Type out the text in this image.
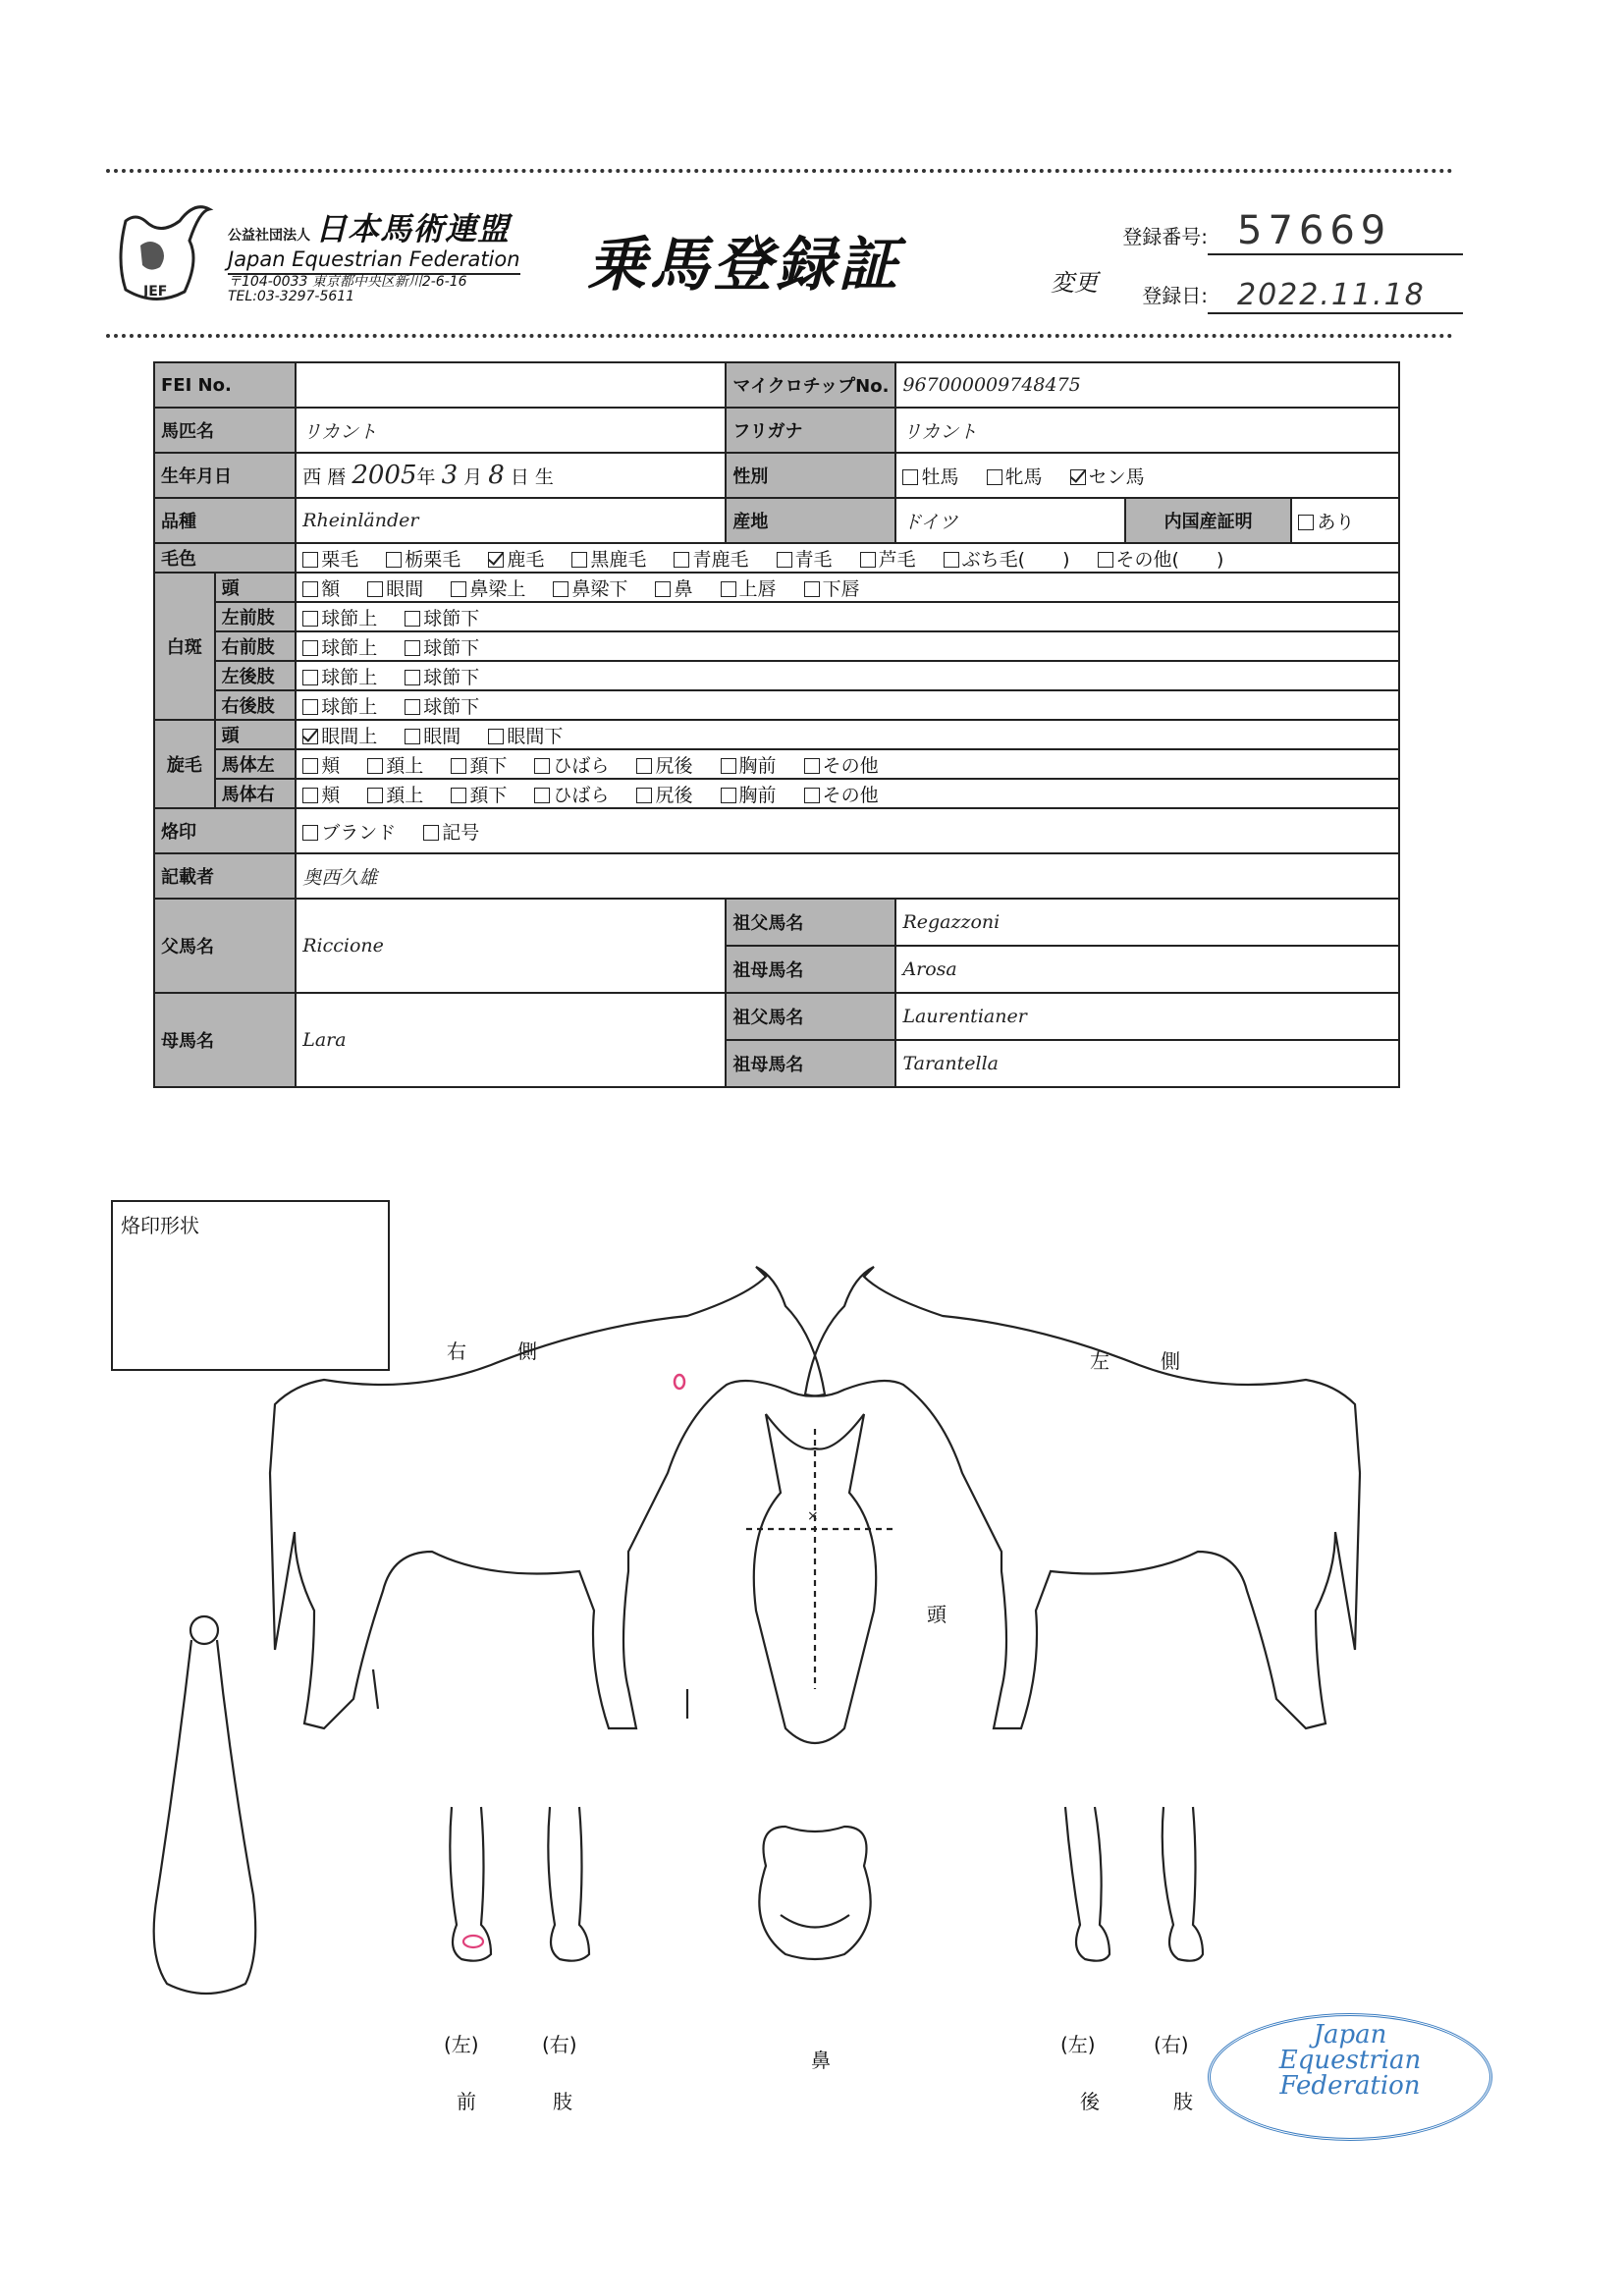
JEF
公益社団法人 日本馬術連盟
Japan Equestrian Federation
〒104-0033 東京都中央区新川2-6-16
TEL:03-3297-5611	乗馬登録証	変更
登録番号: 57669
登録日:	2022.11.18
FEI No.			マイクロチップNo.	967000009748475		
馬匹名		リカント	フリガナ	リカント		
生年月日		西 暦 2005年 3 月 8 日 生	性別	牡馬 牝馬 セン馬		
品種		Rheinländer	産地	ドイツ	内国産証明	あり
毛色		栗毛 栃栗毛 鹿毛 黒鹿毛 青鹿毛 青毛 芦毛 ぶち毛(　　) その他(　　)				
白斑	頭	額 眼間 鼻梁上 鼻梁下 鼻 上唇 下唇				
	左前肢	球節上 球節下				
	右前肢	球節上 球節下				
	左後肢	球節上 球節下				
	右後肢	球節上 球節下				
旋毛	頭	眼間上 眼間 眼間下				
	馬体左	頬 頚上 頚下 ひばら 尻後 胸前 その他				
	馬体右	頬 頚上 頚下 ひばら 尻後 胸前 その他				
烙印		ブランド 記号				
記載者		奥西久雄				
父馬名		Riccione	祖父馬名	Regazzoni		
			祖母馬名	Arosa		
母馬名		Lara	祖父馬名	Laurentianer		
			祖母馬名	Tarantella		
烙印形状
右　　側	左　　側
頭
鼻
(左)	(右)
前	肢
(左)	(右)
後	肢
×
Japan
Equestrian
Federation
